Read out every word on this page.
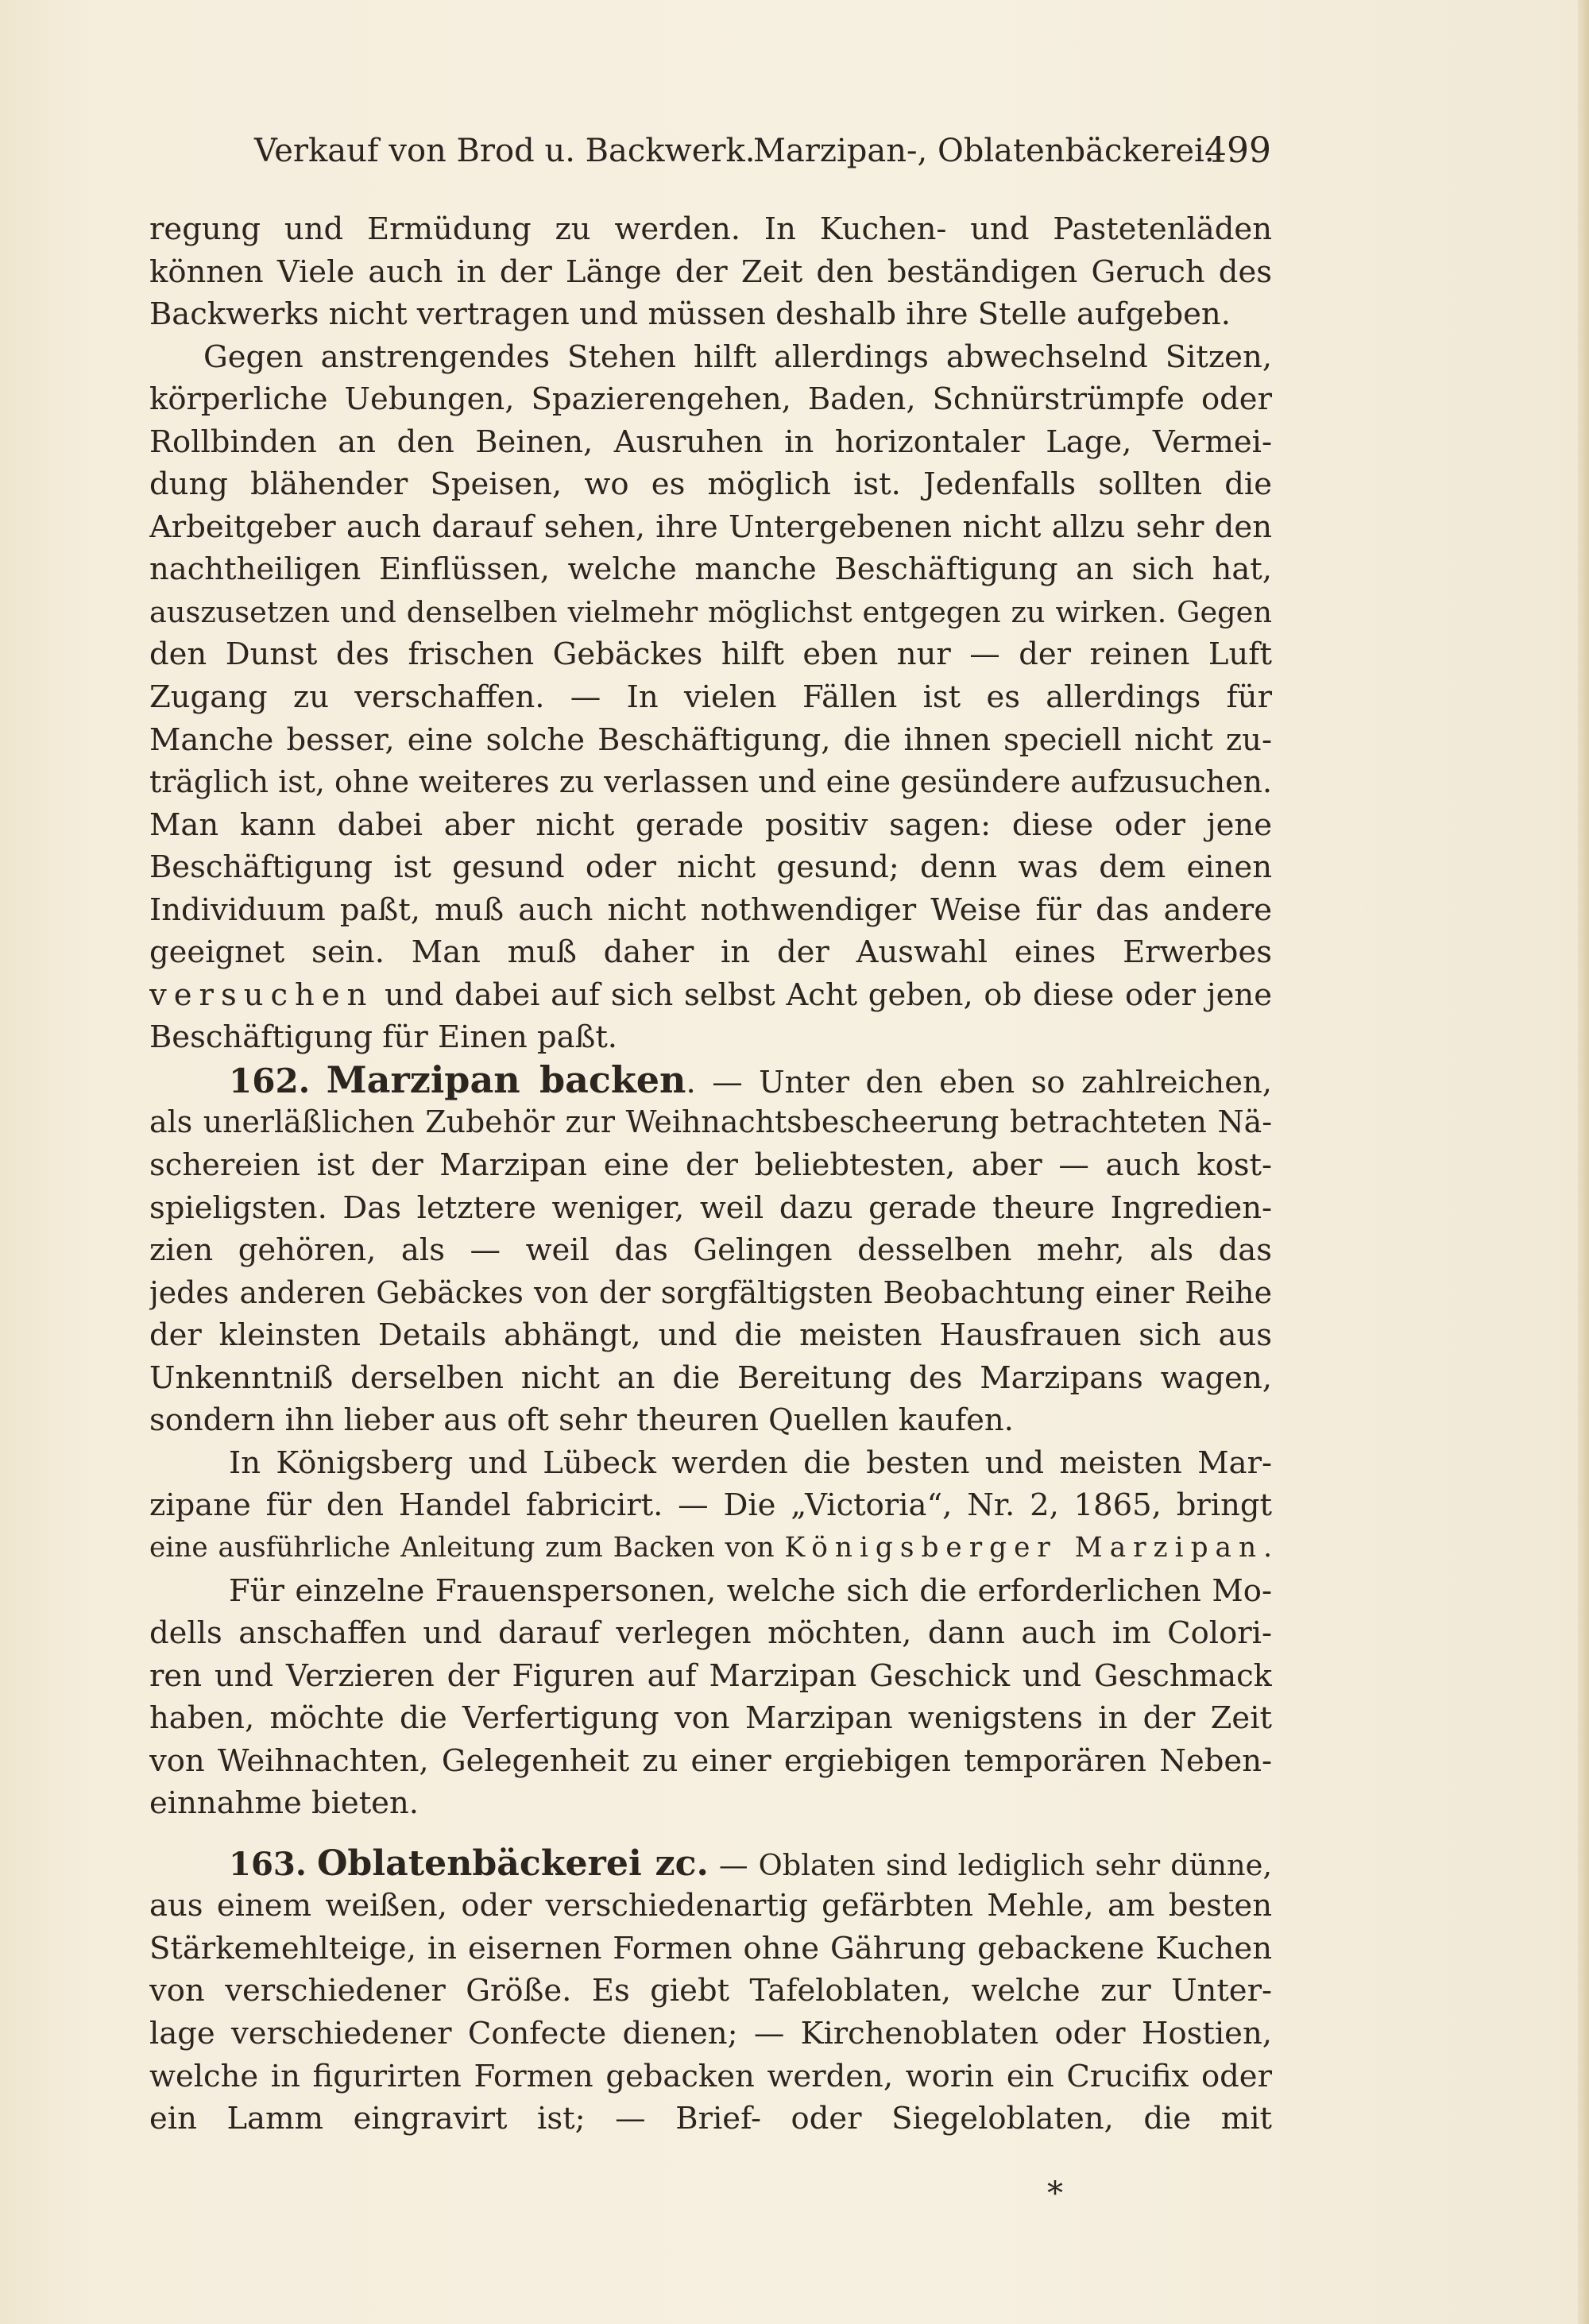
Verkauf von Brod u. Backwerk.
Marzipan-, Oblatenbäckerei.
499
regung und Ermüdung zu werden. In Kuchen- und Pastetenläden
können Viele auch in der Länge der Zeit den beständigen Geruch des
Backwerks nicht vertragen und müssen deshalb ihre Stelle aufgeben.
Gegen anstrengendes Stehen hilft allerdings abwechselnd Sitzen,
körperliche Uebungen, Spazierengehen, Baden, Schnürstrümpfe oder
Rollbinden an den Beinen, Ausruhen in horizontaler Lage, Vermei-
dung blähender Speisen, wo es möglich ist. Jedenfalls sollten die
Arbeitgeber auch darauf sehen, ihre Untergebenen nicht allzu sehr den
nachtheiligen Einflüssen, welche manche Beschäftigung an sich hat,
auszusetzen und denselben vielmehr möglichst entgegen zu wirken. Gegen
den Dunst des frischen Gebäckes hilft eben nur — der reinen Luft
Zugang zu verschaffen. — In vielen Fällen ist es allerdings für
Manche besser, eine solche Beschäftigung, die ihnen speciell nicht zu-
träglich ist, ohne weiteres zu verlassen und eine gesündere aufzusuchen.
Man kann dabei aber nicht gerade positiv sagen: diese oder jene
Beschäftigung ist gesund oder nicht gesund; denn was dem einen
Individuum paßt, muß auch nicht nothwendiger Weise für das andere
geeignet sein. Man muß daher in der Auswahl eines Erwerbes
versuchen und dabei auf sich selbst Acht geben, ob diese oder jene
Beschäftigung für Einen paßt.
162. Marzipan backen. — Unter den eben so zahlreichen,
als unerläßlichen Zubehör zur Weihnachtsbescheerung betrachteten Nä-
schereien ist der Marzipan eine der beliebtesten, aber — auch kost-
spieligsten. Das letztere weniger, weil dazu gerade theure Ingredien-
zien gehören, als — weil das Gelingen desselben mehr, als das
jedes anderen Gebäckes von der sorgfältigsten Beobachtung einer Reihe
der kleinsten Details abhängt, und die meisten Hausfrauen sich aus
Unkenntniß derselben nicht an die Bereitung des Marzipans wagen,
sondern ihn lieber aus oft sehr theuren Quellen kaufen.
In Königsberg und Lübeck werden die besten und meisten Mar-
zipane für den Handel fabricirt. — Die „Victoria“, Nr. 2, 1865, bringt
eine ausführliche Anleitung zum Backen von Königsberger Marzipan.
Für einzelne Frauenspersonen, welche sich die erforderlichen Mo-
dells anschaffen und darauf verlegen möchten, dann auch im Colori-
ren und Verzieren der Figuren auf Marzipan Geschick und Geschmack
haben, möchte die Verfertigung von Marzipan wenigstens in der Zeit
von Weihnachten, Gelegenheit zu einer ergiebigen temporären Neben-
einnahme bieten.
163. Oblatenbäckerei zc. — Oblaten sind lediglich sehr dünne,
aus einem weißen, oder verschiedenartig gefärbten Mehle, am besten
Stärkemehlteige, in eisernen Formen ohne Gährung gebackene Kuchen
von verschiedener Größe. Es giebt Tafeloblaten, welche zur Unter-
lage verschiedener Confecte dienen; — Kirchenoblaten oder Hostien,
welche in figurirten Formen gebacken werden, worin ein Crucifix oder
ein Lamm eingravirt ist; — Brief- oder Siegeloblaten, die mit
*
